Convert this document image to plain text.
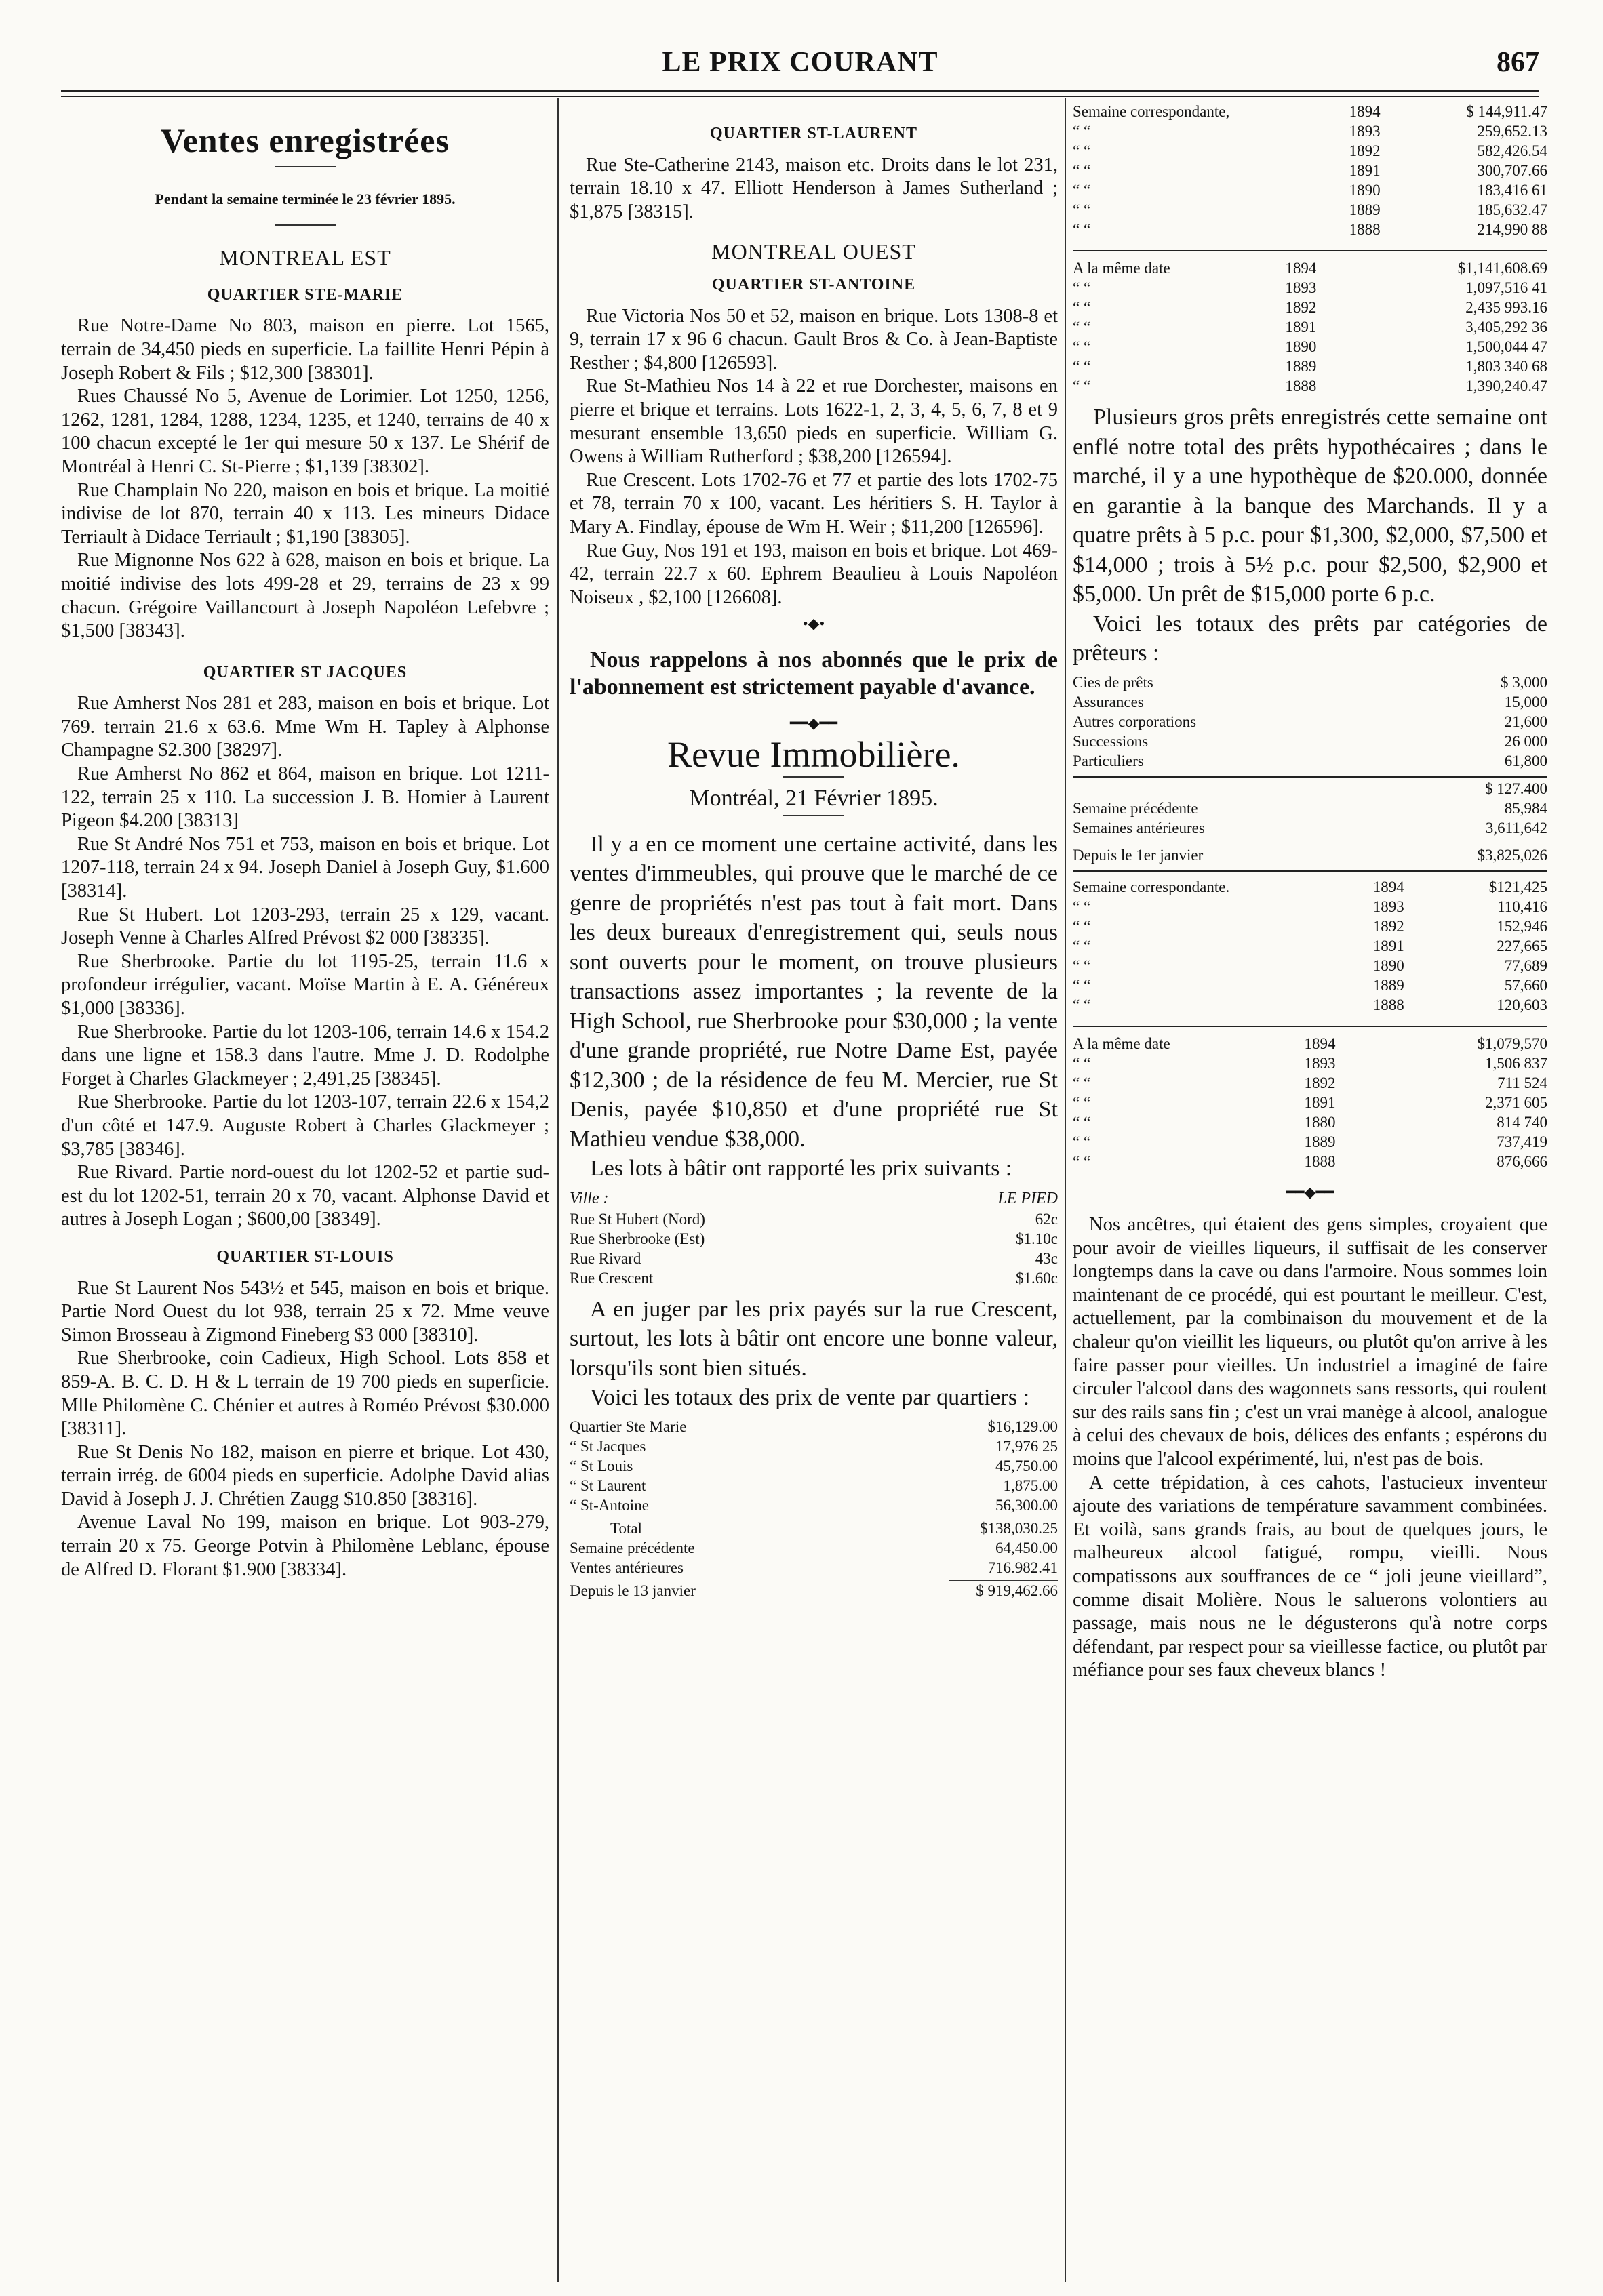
LE PRIX COURANT	867
Ventes enregistrées
Pendant la semaine terminée le 23 février 1895.
MONTREAL EST
QUARTIER STE-MARIE

Rue Notre-Dame No 803, maison en pierre. Lot 1565, terrain de 34,450 pieds en superficie. La faillite Henri Pépin à Joseph Robert & Fils ; $12,300 [38301].

Rues Chaussé No 5, Avenue de Lorimier. Lot 1250, 1256, 1262, 1281, 1284, 1288, 1234, 1235, et 1240, terrains de 40 x 100 chacun excepté le 1er qui mesure 50 x 137. Le Shérif de Montréal à Henri C. St-Pierre ; $1,139 [38302].

Rue Champlain No 220, maison en bois et brique. La moitié indivise de lot 870, terrain 40 x 113. Les mineurs Didace Terriault à Didace Terriault ; $1,190 [38305].

Rue Mignonne Nos 622 à 628, maison en bois et brique. La moitié indivise des lots 499-28 et 29, terrains de 23 x 99 chacun. Grégoire Vaillancourt à Joseph Napoléon Lefebvre ; $1,500 [38343].

QUARTIER ST JACQUES

Rue Amherst Nos 281 et 283, maison en bois et brique. Lot 769. terrain 21.6 x 63.6. Mme Wm H. Tapley à Alphonse Champagne $2.300 [38297].

Rue Amherst No 862 et 864, maison en brique. Lot 1211-122, terrain 25 x 110. La succession J. B. Homier à Laurent Pigeon $4.200 [38313]

Rue St André Nos 751 et 753, maison en bois et brique. Lot 1207-118, terrain 24 x 94. Joseph Daniel à Joseph Guy, $1.600 [38314].

Rue St Hubert. Lot 1203-293, terrain 25 x 129, vacant. Joseph Venne à Charles Alfred Prévost $2 000 [38335].

Rue Sherbrooke. Partie du lot 1195-25, terrain 11.6 x profondeur irrégulier, vacant. Moïse Martin à E. A. Généreux $1,000 [38336].

Rue Sherbrooke. Partie du lot 1203-106, terrain 14.6 x 154.2 dans une ligne et 158.3 dans l'autre. Mme J. D. Rodolphe Forget à Charles Glackmeyer ; 2,491,25 [38345].

Rue Sherbrooke. Partie du lot 1203-107, terrain 22.6 x 154,2 d'un côté et 147.9. Auguste Robert à Charles Glackmeyer ; $3,785 [38346].

Rue Rivard. Partie nord-ouest du lot 1202-52 et partie sud-est du lot 1202-51, terrain 20 x 70, vacant. Alphonse David et autres à Joseph Logan ; $600,00 [38349].

QUARTIER ST-LOUIS

Rue St Laurent Nos 543½ et 545, maison en bois et brique. Partie Nord Ouest du lot 938, terrain 25 x 72. Mme veuve Simon Brosseau à Zigmond Fineberg $3 000 [38310].

Rue Sherbrooke, coin Cadieux, High School. Lots 858 et 859-A. B. C. D. H & L terrain de 19 700 pieds en superficie. Mlle Philomène C. Chénier et autres à Roméo Prévost $30.000 [38311].

Rue St Denis No 182, maison en pierre et brique. Lot 430, terrain irrég. de 6004 pieds en superficie. Adolphe David alias David à Joseph J. J. Chrétien Zaugg $10.850 [38316].

Avenue Laval No 199, maison en brique. Lot 903-279, terrain 20 x 75. George Potvin à Philomène Leblanc, épouse de Alfred D. Florant $1.900 [38334].

QUARTIER ST-LAURENT

Rue Ste-Catherine 2143, maison etc. Droits dans le lot 231, terrain 18.10 x 47. Elliott Henderson à James Sutherland ; $1,875 [38315].

MONTREAL OUEST
QUARTIER ST-ANTOINE

Rue Victoria Nos 50 et 52, maison en brique. Lots 1308-8 et 9, terrain 17 x 96 6 chacun. Gault Bros & Co. à Jean-Baptiste Resther ; $4,800 [126593].

Rue St-Mathieu Nos 14 à 22 et rue Dorchester, maisons en pierre et brique et terrains. Lots 1622-1, 2, 3, 4, 5, 6, 7, 8 et 9 mesurant ensemble 13,650 pieds en superficie. William G. Owens à William Rutherford ; $38,200 [126594].

Rue Crescent. Lots 1702-76 et 77 et partie des lots 1702-75 et 78, terrain 70 x 100, vacant. Les héritiers S. H. Taylor à Mary A. Findlay, épouse de Wm H. Weir ; $11,200 [126596].

Rue Guy, Nos 191 et 193, maison en bois et brique. Lot 469-42, terrain 22.7 x 60. Ephrem Beaulieu à Louis Napoléon Noiseux , $2,100 [126608].

•◆•
Nous rappelons à nos abonnés que le prix de l'abonnement est strictement payable d'avance.
━━◆━━
Revue Immobilière.
Montréal, 21 Février 1895.

Il y a en ce moment une certaine activité, dans les ventes d'immeubles, qui prouve que le marché de ce genre de propriétés n'est pas tout à fait mort. Dans les deux bureaux d'enregistrement qui, seuls nous sont ouverts pour le moment, on trouve plusieurs transactions assez importantes ; la revente de la High School, rue Sherbrooke pour $30,000 ; la vente d'une grande propriété, rue Notre Dame Est, payée $12,300 ; de la résidence de feu M. Mercier, rue St Denis, payée $10,850 et d'une propriété rue St Mathieu vendue $38,000.

Les lots à bâtir ont rapporté les prix suivants :

Ville :	LE PIED
Rue St Hubert (Nord)	62c
Rue Sherbrooke (Est)	$1.10c
Rue Rivard	43c
Rue Crescent	$1.60c

A en juger par les prix payés sur la rue Crescent, surtout, les lots à bâtir ont encore une bonne valeur, lorsqu'ils sont bien situés.

Voici les totaux des prix de vente par quartiers :

Quartier Ste Marie	$16,129.00
“ St Jacques	17,976 25
“ St Louis	45,750.00
“ St Laurent	1,875.00
“ St-Antoine	56,300.00
Total	$138,030.25
Semaine précédente	64,450.00
Ventes antérieures	716.982.41
Depuis le 13 janvier	$ 919,462.66
Semaine correspondante,	1894	$ 144,911.47
“ “	1893	259,652.13
“ “	1892	582,426.54
“ “	1891	300,707.66
“ “	1890	183,416 61
“ “	1889	185,632.47
“ “	1888	214,990 88
A la même date	1894	$1,141,608.69
“ “	1893	1,097,516 41
“ “	1892	2,435 993.16
“ “	1891	3,405,292 36
“ “	1890	1,500,044 47
“ “	1889	1,803 340 68
“ “	1888	1,390,240.47

Plusieurs gros prêts enregistrés cette semaine ont enflé notre total des prêts hypothécaires ; dans le marché, il y a une hypothèque de $20.000, donnée en garantie à la banque des Marchands. Il y a quatre prêts à 5 p.c. pour $1,300, $2,000, $7,500 et $14,000 ; trois à 5½ p.c. pour $2,500, $2,900 et $5,000. Un prêt de $15,000 porte 6 p.c.

Voici les totaux des prêts par catégories de prêteurs :

Cies de prêts	$ 3,000
Assurances	15,000
Autres corporations	21,600
Successions	26 000
Particuliers	61,800
	$ 127.400
Semaine précédente	85,984
Semaines antérieures	3,611,642
Depuis le 1er janvier	$3,825,026
Semaine correspondante.	1894	$121,425
“ “	1893	110,416
“ “	1892	152,946
“ “	1891	227,665
“ “	1890	77,689
“ “	1889	57,660
“ “	1888	120,603
A la même date	1894	$1,079,570
“ “	1893	1,506 837
“ “	1892	711 524
“ “	1891	2,371 605
“ “	1880	814 740
“ “	1889	737,419
“ “	1888	876,666
━━◆━━

Nos ancêtres, qui étaient des gens simples, croyaient que pour avoir de vieilles liqueurs, il suffisait de les conserver longtemps dans la cave ou dans l'armoire. Nous sommes loin maintenant de ce procédé, qui est pourtant le meilleur. C'est, actuellement, par la combinaison du mouvement et de la chaleur qu'on vieillit les liqueurs, ou plutôt qu'on arrive à les faire passer pour vieilles. Un industriel a imaginé de faire circuler l'alcool dans des wagonnets sans ressorts, qui roulent sur des rails sans fin ; c'est un vrai manège à alcool, analogue à celui des chevaux de bois, délices des enfants ; espérons du moins que l'alcool expérimenté, lui, n'est pas de bois.

A cette trépidation, à ces cahots, l'astucieux inventeur ajoute des variations de température savamment combinées. Et voilà, sans grands frais, au bout de quelques jours, le malheureux alcool fatigué, rompu, vieilli. Nous compatissons aux souffrances de ce “ joli jeune vieillard”, comme disait Molière. Nous le saluerons volontiers au passage, mais nous ne le dégusterons qu'à notre corps défendant, par respect pour sa vieillesse factice, ou plutôt par méfiance pour ses faux cheveux blancs !
